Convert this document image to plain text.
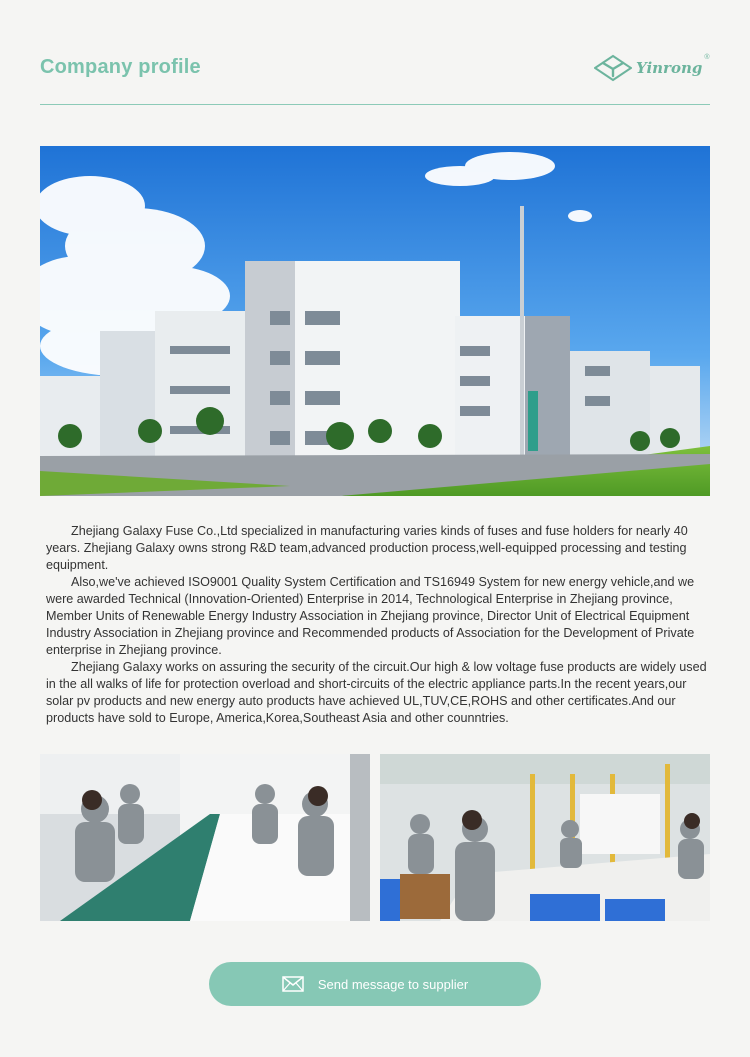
Company profile	Yinrong
®

Zhejiang Galaxy Fuse Co.,Ltd specialized in manufacturing varies kinds of fuses and fuse holders for nearly 40 years. Zhejiang Galaxy owns strong R&D team,advanced production process,well-equipped processing and testing equipment.

Also,we've achieved ISO9001 Quality System Certification and TS16949 System for new energy vehicle,and we were awarded Technical (Innovation-Oriented) Enterprise in 2014, Technological Enterprise in Zhejiang province, Member Units of Renewable Energy Industry Association in Zhejiang province, Director Unit of Electrical Equipment Industry Association in Zhejiang province and Recommended products of Association for the Development of Private enterprise in Zhejiang province.

Zhejiang Galaxy works on assuring the security of the circuit.Our high & low voltage fuse products are widely used in the all walks of life for protection overload and short-circuits of the electric appliance parts.In the recent years,our solar pv products and new energy auto products have achieved UL,TUV,CE,ROHS and other certificates.And our products have sold to Europe, America,Korea,Southeast Asia and other counntries.

Send message to supplier
